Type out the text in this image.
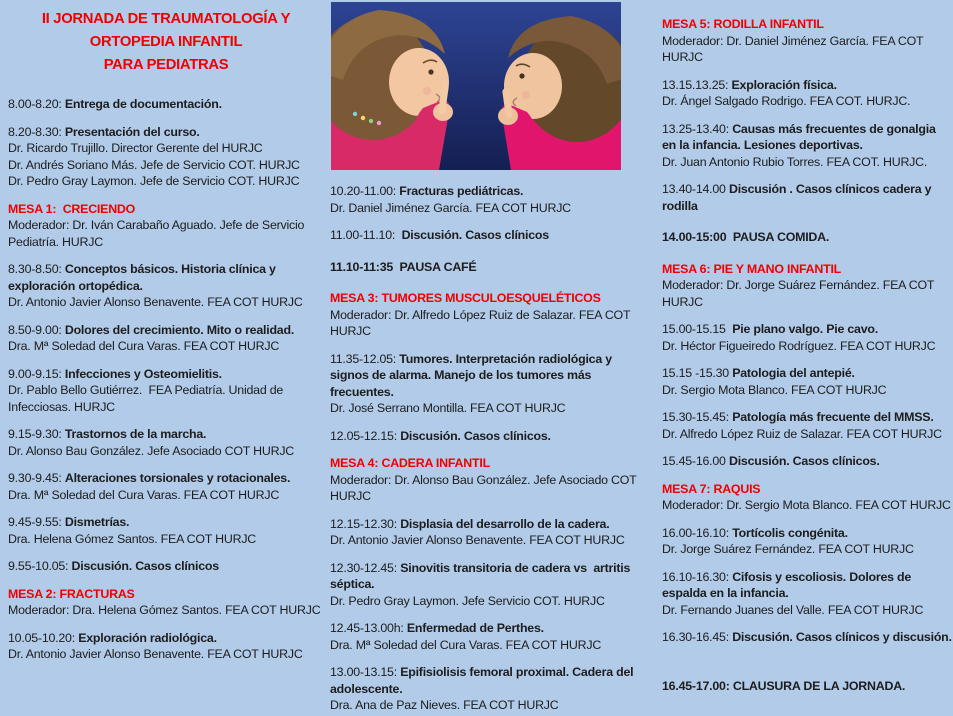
II JORNADA DE TRAUMATOLOGÍA Y
ORTOPEDIA INFANTIL
PARA PEDIATRAS
8.00-8.20: Entrega de documentación.
8.20-8.30: Presentación del curso.
Dr. Ricardo Trujillo. Director Gerente del HURJC
Dr. Andrés Soriano Más. Jefe de Servicio COT. HURJC
Dr. Pedro Gray Laymon. Jefe de Servicio COT. HURJC
MESA 1:  CRECIENDO
Moderador: Dr. Iván Carabaño Aguado. Jefe de Servicio Pediatría. HURJC
8.30-8.50: Conceptos básicos. Historia clínica y exploración ortopédica.
Dr. Antonio Javier Alonso Benavente. FEA COT HURJC
8.50-9.00: Dolores del crecimiento. Mito o realidad.
Dra. Mª Soledad del Cura Varas. FEA COT HURJC
9.00-9.15: Infecciones y Osteomielitis.
Dr. Pablo Bello Gutiérrez.  FEA Pediatría. Unidad de Infecciosas. HURJC
9.15-9.30: Trastornos de la marcha.
Dr. Alonso Bau González. Jefe Asociado COT HURJC
9.30-9.45: Alteraciones torsionales y rotacionales.
Dra. Mª Soledad del Cura Varas. FEA COT HURJC
9.45-9.55: Dismetrías.
Dra. Helena Gómez Santos. FEA COT HURJC
9.55-10.05: Discusión. Casos clínicos
MESA 2: FRACTURAS
Moderador: Dra. Helena Gómez Santos. FEA COT HURJC
10.05-10.20: Exploración radiológica.
Dr. Antonio Javier Alonso Benavente. FEA COT HURJC
10.20-11.00: Fracturas pediátricas.
Dr. Daniel Jiménez García. FEA COT HURJC
11.00-11.10:  Discusión. Casos clínicos
11.10-11:35  PAUSA CAFÉ
MESA 3: TUMORES MUSCULOESQUELÉTICOS
Moderador: Dr. Alfredo López Ruiz de Salazar. FEA COT HURJC
11.35-12.05: Tumores. Interpretación radiológica y signos de alarma. Manejo de los tumores más frecuentes.
Dr. José Serrano Montilla. FEA COT HURJC
12.05-12.15: Discusión. Casos clínicos.
MESA 4: CADERA INFANTIL
Moderador: Dr. Alonso Bau González. Jefe Asociado COT HURJC
12.15-12.30: Displasia del desarrollo de la cadera.
Dr. Antonio Javier Alonso Benavente. FEA COT HURJC
12.30-12.45: Sinovitis transitoria de cadera vs  artritis séptica.
Dr. Pedro Gray Laymon. Jefe Servicio COT. HURJC
12.45-13.00h: Enfermedad de Perthes.
Dra. Mª Soledad del Cura Varas. FEA COT HURJC
13.00-13.15: Epifisiolisis femoral proximal. Cadera del adolescente.
Dra. Ana de Paz Nieves. FEA COT HURJC
MESA 5: RODILLA INFANTIL
Moderador: Dr. Daniel Jiménez García. FEA COT HURJC
13.15.13.25: Exploración física.
Dr. Ángel Salgado Rodrigo. FEA COT. HURJC.
13.25-13.40: Causas más frecuentes de gonalgia en la infancia. Lesiones deportivas.
Dr. Juan Antonio Rubio Torres. FEA COT. HURJC.
13.40-14.00 Discusión . Casos clínicos cadera y rodilla
14.00-15:00  PAUSA COMIDA.
MESA 6: PIE Y MANO INFANTIL
Moderador: Dr. Jorge Suárez Fernández. FEA COT HURJC
15.00-15.15  Pie plano valgo. Pie cavo.
Dr. Héctor Figueiredo Rodríguez. FEA COT HURJC
15.15 -15.30 Patologia del antepié.
Dr. Sergio Mota Blanco. FEA COT HURJC
15.30-15.45: Patología más frecuente del MMSS.
Dr. Alfredo López Ruiz de Salazar. FEA COT HURJC
15.45-16.00 Discusión. Casos clínicos.
MESA 7: RAQUIS
Moderador: Dr. Sergio Mota Blanco. FEA COT HURJC
16.00-16.10: Tortícolis congénita.
Dr. Jorge Suárez Fernández. FEA COT HURJC
16.10-16.30: Cifosis y escoliosis. Dolores de espalda en la infancia.
Dr. Fernando Juanes del Valle. FEA COT HURJC
16.30-16.45: Discusión. Casos clínicos y discusión.
16.45-17.00: CLAUSURA DE LA JORNADA.
